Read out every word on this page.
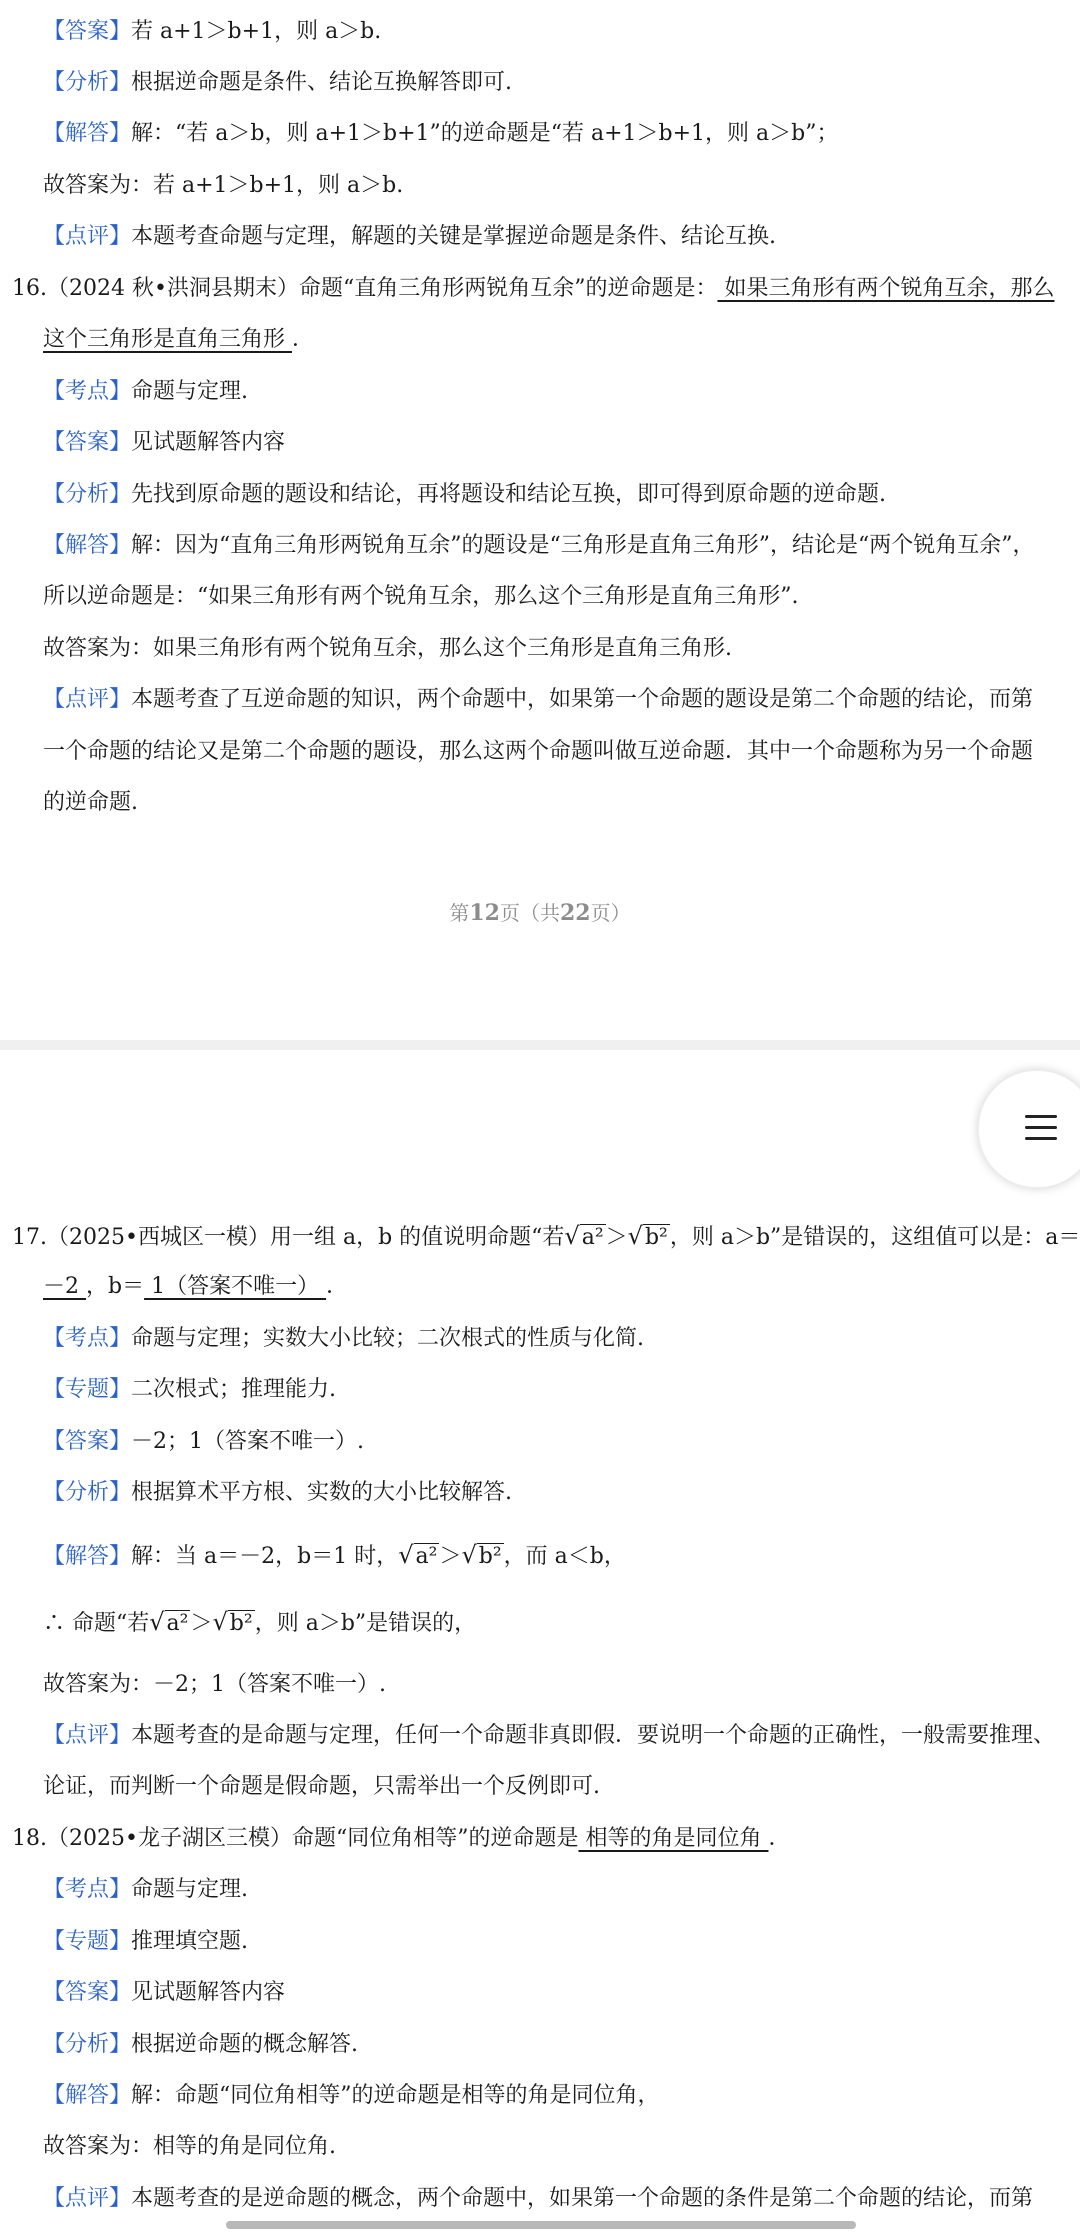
【答案】若 a+1＞b+1，则 a＞b.
【分析】根据逆命题是条件、结论互换解答即可.
【解答】解：“若 a＞b，则 a+1＞b+1”的逆命题是“若 a+1＞b+1，则 a＞b”；
故答案为：若 a+1＞b+1，则 a＞b.
【点评】本题考查命题与定理，解题的关键是掌握逆命题是条件、结论互换.
16.（2024 秋•洪洞县期末）命题“直角三角形两锐角互余”的逆命题是： 如果三角形有两个锐角互余，那么
这个三角形是直角三角形 ．
【考点】命题与定理.
【答案】见试题解答内容
【分析】先找到原命题的题设和结论，再将题设和结论互换，即可得到原命题的逆命题.
【解答】解：因为“直角三角形两锐角互余”的题设是“三角形是直角三角形”，结论是“两个锐角互余”，
所以逆命题是：“如果三角形有两个锐角互余，那么这个三角形是直角三角形”.
故答案为：如果三角形有两个锐角互余，那么这个三角形是直角三角形.
【点评】本题考查了互逆命题的知识，两个命题中，如果第一个命题的题设是第二个命题的结论，而第
一个命题的结论又是第二个命题的题设，那么这两个命题叫做互逆命题．其中一个命题称为另一个命题
的逆命题.
第12页（共22页）
17.（2025•西城区一模）用一组 a，b 的值说明命题“若√a²＞√b²，则 a＞b”是错误的，这组值可以是：a＝
－2 ，b＝ 1（答案不唯一） ．
【考点】命题与定理；实数大小比较；二次根式的性质与化简.
【专题】二次根式；推理能力.
【答案】－2；1（答案不唯一）.
【分析】根据算术平方根、实数的大小比较解答.
【解答】解：当 a＝－2，b＝1 时，√a²＞√b²，而 a＜b，
∴ 命题“若√a²＞√b²，则 a＞b”是错误的，
故答案为：－2；1（答案不唯一）.
【点评】本题考查的是命题与定理，任何一个命题非真即假．要说明一个命题的正确性，一般需要推理、
论证，而判断一个命题是假命题，只需举出一个反例即可.
18.（2025•龙子湖区三模）命题“同位角相等”的逆命题是 相等的角是同位角 ．
【考点】命题与定理.
【专题】推理填空题.
【答案】见试题解答内容
【分析】根据逆命题的概念解答.
【解答】解：命题“同位角相等”的逆命题是相等的角是同位角，
故答案为：相等的角是同位角.
【点评】本题考查的是逆命题的概念，两个命题中，如果第一个命题的条件是第二个命题的结论，而第
